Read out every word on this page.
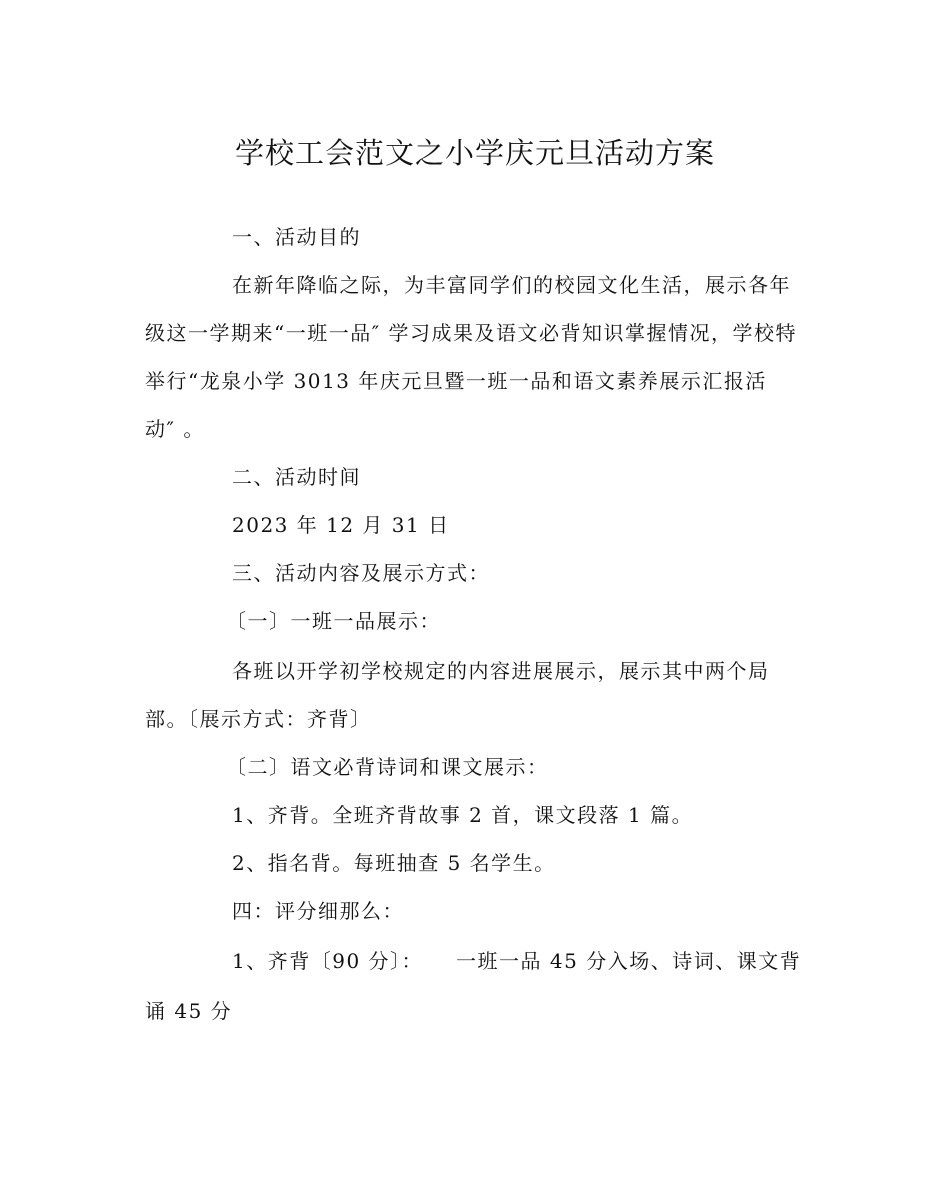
学校工会范文之小学庆元旦活动方案
一、活动目的
在新年降临之际，为丰富同学们的校园文化生活，展示各年
级这一学期来“一班一品″ 学习成果及语文必背知识掌握情况，学校特
举行“龙泉小学 3013 年庆元旦暨一班一品和语文素养展示汇报活
动″ 。
二、活动时间
2023 年 12 月 31 日
三、活动内容及展示方式：
〔一〕一班一品展示：
各班以开学初学校规定的内容进展展示，展示其中两个局
部。〔展示方式：齐背〕
〔二〕语文必背诗词和课文展示：
1、齐背。全班齐背故事 2 首，课文段落 1 篇。
2、指名背。每班抽查 5 名学生。
四：评分细那么：
1、齐背〔90 分〕：　　一班一品 45 分入场、诗词、课文背
诵 45 分
